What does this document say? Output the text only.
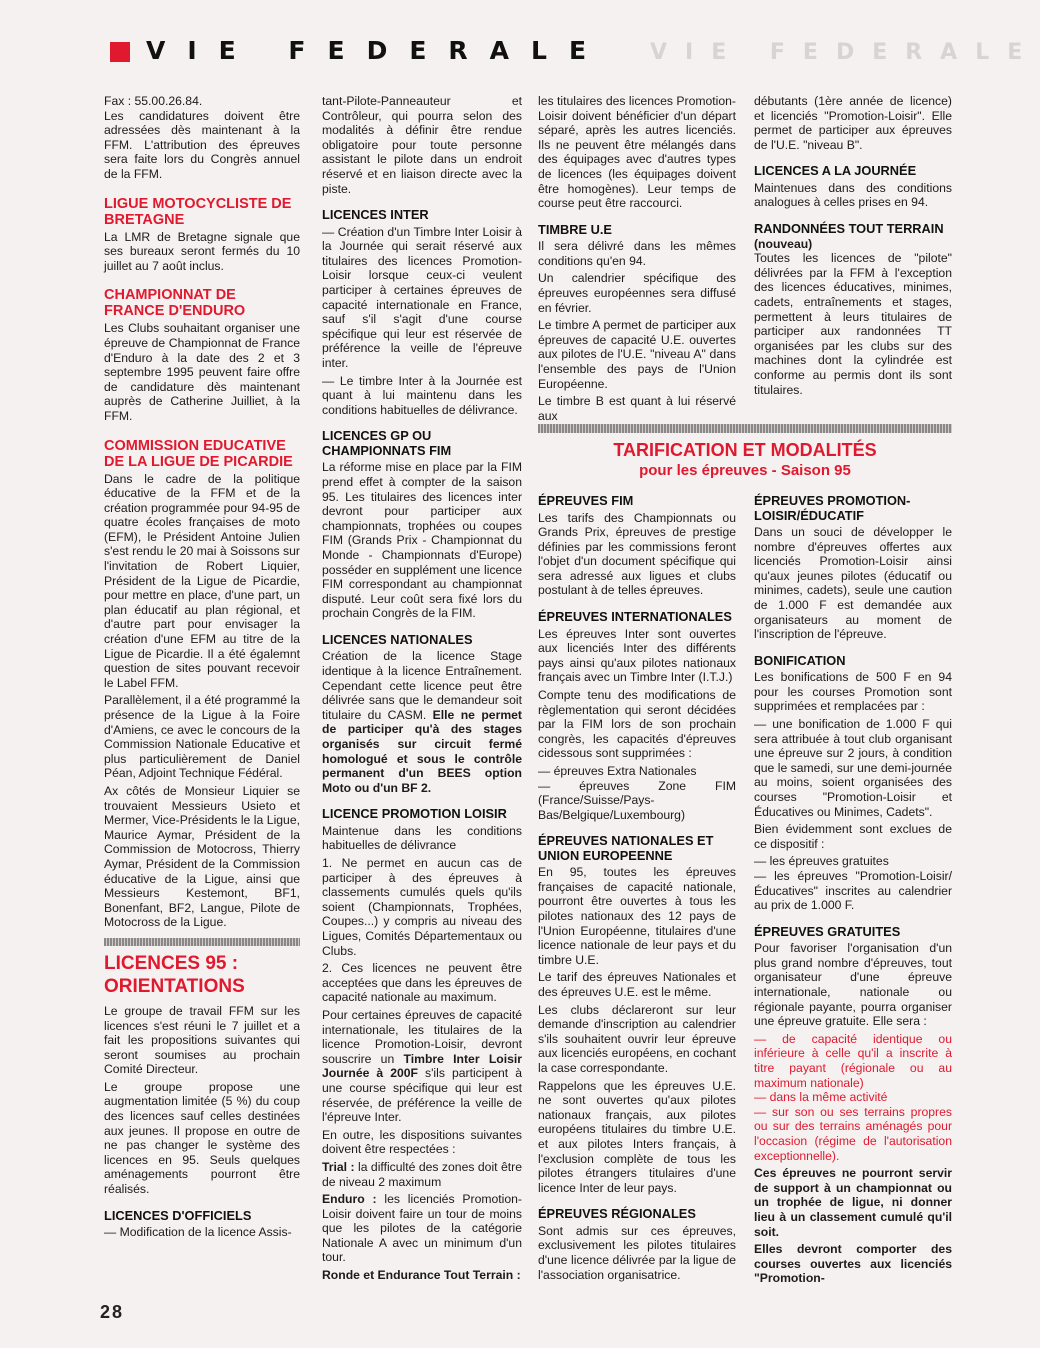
VIE FEDERALE VIE FEDERALE

Fax : 55.00.26.84.

Les candidatures doivent être adressées dès maintenant à la FFM. L'attribution des épreuves sera faite lors du Congrès annuel de la FFM.

LIGUE MOTOCYCLISTE DE BRETAGNE

La LMR de Bretagne signale que ses bureaux seront fermés du 10 juillet au 7 août inclus.

CHAMPIONNAT DE FRANCE D'ENDURO

Les Clubs souhaitant organiser une épreuve de Championnat de France d'Enduro à la date des 2 et 3 septembre 1995 peuvent faire offre de candidature dès maintenant auprès de Catherine Juilliet, à la FFM.

COMMISSION EDUCATIVE DE LA LIGUE DE PICARDIE

Dans le cadre de la politique éducative de la FFM et de la création programmée pour 94-95 de quatre écoles françaises de moto (EFM), le Président Antoine Julien s'est rendu le 20 mai à Soissons sur l'invitation de Robert Liquier, Président de la Ligue de Picardie, pour mettre en place, d'une part, un plan éducatif au plan régional, et d'autre part pour envisager la création d'une EFM au titre de la Ligue de Picardie. Il a été égalemnt question de sites pouvant recevoir le Label FFM.

Parallèlement, il a été programmé la présence de la Ligue à la Foire d'Amiens, ce avec le concours de la Commission Nationale Educative et plus particulièrement de Daniel Péan, Adjoint Technique Fédéral.

Ax côtés de Monsieur Liquier se trouvaient Messieurs Usieto et Mermer, Vice-Présidents le la Ligue, Maurice Aymar, Président de la Commission de Motocross, Thierry Aymar, Président de la Commission éducative de la Ligue, ainsi que Messieurs Kestemont, BF1, Bonenfant, BF2, Langue, Pilote de Motocross de la Ligue.

LICENCES 95 : ORIENTATIONS

Le groupe de travail FFM sur les licences s'est réuni le 7 juillet et a fait les propositions suivantes qui seront soumises au prochain Comité Directeur.

Le groupe propose une augmentation limitée (5 %) du coup des licences sauf celles destinées aux jeunes. Il propose en outre de ne pas changer le système des licences en 95. Seuls quelques aménagements pourront être réalisés.

LICENCES D'OFFICIELS

— Modification de la licence Assis-

tant-Pilote-Panneauteur et Contrôleur, qui pourra selon des modalités à définir être rendue obligatoire pour toute personne assistant le pilote dans un endroit réservé et en liaison directe avec la piste.

LICENCES INTER

— Création d'un Timbre Inter Loisir à la Journée qui serait réservé aux titulaires des licences Promotion-Loisir lorsque ceux-ci veulent participer à certaines épreuves de capacité internationale en France, sauf s'il s'agit d'une course spécifique qui leur est réservée de préférence la veille de l'épreuve inter.

— Le timbre Inter à la Journée est quant à lui maintenu dans les conditions habituelles de délivrance.

LICENCES GP OU CHAMPIONNATS FIM

La réforme mise en place par la FIM prend effet à compter de la saison 95. Les titulaires des licences inter devront pour participer aux championnats, trophées ou coupes FIM (Grands Prix - Championnat du Monde - Championnats d'Europe) posséder en supplément une licence FIM correspondant au championnat disputé. Leur coût sera fixé lors du prochain Congrès de la FIM.

LICENCES NATIONALES

Création de la licence Stage identique à la licence Entraînement. Cependant cette licence peut être délivrée sans que le demandeur soit titulaire du CASM. Elle ne permet de participer qu'à des stages organisés sur circuit fermé homologué et sous le contrôle permanent d'un BEES option Moto ou d'un BF 2.

LICENCE PROMOTION LOISIR

Maintenue dans les conditions habituelles de délivrance

1. Ne permet en aucun cas de participer à des épreuves à classements cumulés quels qu'ils soient (Championnats, Trophées, Coupes...) y compris au niveau des Ligues, Comités Départementaux ou Clubs.

2. Ces licences ne peuvent être acceptées que dans les épreuves de capacité nationale au maximum.

Pour certaines épreuves de capacité internationale, les titulaires de la licence Promotion-Loisir, devront souscrire un Timbre Inter Loisir Journée à 200F s'ils participent à une course spécifique qui leur est réservée, de préférence la veille de l'épreuve Inter.

En outre, les dispositions suivantes doivent être respectées :

Trial : la difficulté des zones doit être de niveau 2 maximum

Enduro : les licenciés Promotion-Loisir doivent faire un tour de moins que les pilotes de la catégorie Nationale A avec un minimum d'un tour.

Ronde et Endurance Tout Terrain :

les titulaires des licences Promotion-Loisir doivent bénéficier d'un départ séparé, après les autres licenciés. Ils ne peuvent être mélangés dans des équipages avec d'autres types de licences (les équipages doivent être homogènes). Leur temps de course peut être raccourci.

TIMBRE U.E

Il sera délivré dans les mêmes conditions qu'en 94.

Un calendrier spécifique des épreuves européennes sera diffusé en février.

Le timbre A permet de participer aux épreuves de capacité U.E. ouvertes aux pilotes de l'U.E. "niveau A" dans l'ensemble des pays de l'Union Européenne.

Le timbre B est quant à lui réservé aux

débutants (1ère année de licence) et licenciés "Promotion-Loisir". Elle permet de participer aux épreuves de l'U.E. "niveau B".

LICENCES A LA JOURNÉE

Maintenues dans des conditions analogues à celles prises en 94.

RANDONNÉES TOUT TERRAIN
(nouveau)

Toutes les licences de "pilote" délivrées par la FFM à l'exception des licences éducatives, minimes, cadets, entraînements et stages, permettent à leurs titulaires de participer aux randonnées TT organisées par les clubs sur des machines dont la cylindrée est conforme au permis dont ils sont titulaires.

TARIFICATION ET MODALITÉS
pour les épreuves - Saison 95
ÉPREUVES FIM

Les tarifs des Championnats ou Grands Prix, épreuves de prestige définies par les commissions feront l'objet d'un document spécifique qui sera adressé aux ligues et clubs postulant à de telles épreuves.

ÉPREUVES INTERNATIONALES

Les épreuves Inter sont ouvertes aux licenciés Inter des différents pays ainsi qu'aux pilotes nationaux français avec un Timbre Inter (I.T.J.)

Compte tenu des modifications de règlementation qui seront décidées par la FIM lors de son prochain congrès, les capacités d'épreuves cidessous sont supprimées :

— épreuves Extra Nationales

— épreuves Zone FIM (France/Suisse/Pays-Bas/Belgique/Luxembourg)

ÉPREUVES NATIONALES ET UNION EUROPEENNE

En 95, toutes les épreuves françaises de capacité nationale, pourront être ouvertes à tous les pilotes nationaux des 12 pays de l'Union Européenne, titulaires d'une licence nationale de leur pays et du timbre U.E.

Le tarif des épreuves Nationales et des épreuves U.E. est le même.

Les clubs déclareront sur leur demande d'inscription au calendrier s'ils souhaitent ouvrir leur épreuve aux licenciés européens, en cochant la case correspondante.

Rappelons que les épreuves U.E. ne sont ouvertes qu'aux pilotes nationaux français, aux pilotes européens titulaires du timbre U.E. et aux pilotes Inters français, à l'exclusion complète de tous les pilotes étrangers titulaires d'une licence Inter de leur pays.

ÉPREUVES RÉGIONALES

Sont admis sur ces épreuves, exclusivement les pilotes titulaires d'une licence délivrée par la ligue de l'association organisatrice.

ÉPREUVES PROMOTION-LOISIR/ÉDUCATIF

Dans un souci de développer le nombre d'épreuves offertes aux licenciés Promotion-Loisir ainsi qu'aux jeunes pilotes (éducatif ou minimes, cadets), seule une caution de 1.000 F est demandée aux organisateurs au moment de l'inscription de l'épreuve.

BONIFICATION

Les bonifications de 500 F en 94 pour les courses Promotion sont supprimées et remplacées par :

— une bonification de 1.000 F qui sera attribuée à tout club organisant une épreuve sur 2 jours, à condition que le samedi, sur une demi-journée au moins, soient organisées des courses "Promotion-Loisir et Éducatives ou Minimes, Cadets".

Bien évidemment sont exclues de ce dispositif :

— les épreuves gratuites

— les épreuves "Promotion-Loisir/Éducatives" inscrites au calendrier au prix de 1.000 F.

ÉPREUVES GRATUITES

Pour favoriser l'organisation d'un plus grand nombre d'épreuves, tout organisateur d'une épreuve internationale, nationale ou régionale payante, pourra organiser une épreuve gratuite. Elle sera :

— de capacité identique ou inférieure à celle qu'il a inscrite à titre payant (régionale ou au maximum nationale)

— dans la même activité

— sur son ou ses terrains propres ou sur des terrains aménagés pour l'occasion (régime de l'autorisation exceptionnelle).

Ces épreuves ne pourront servir de support à un championnat ou un trophée de ligue, ni donner lieu à un classement cumulé qu'il soit.

Elles devront comporter des courses ouvertes aux licenciés "Promotion-

28
